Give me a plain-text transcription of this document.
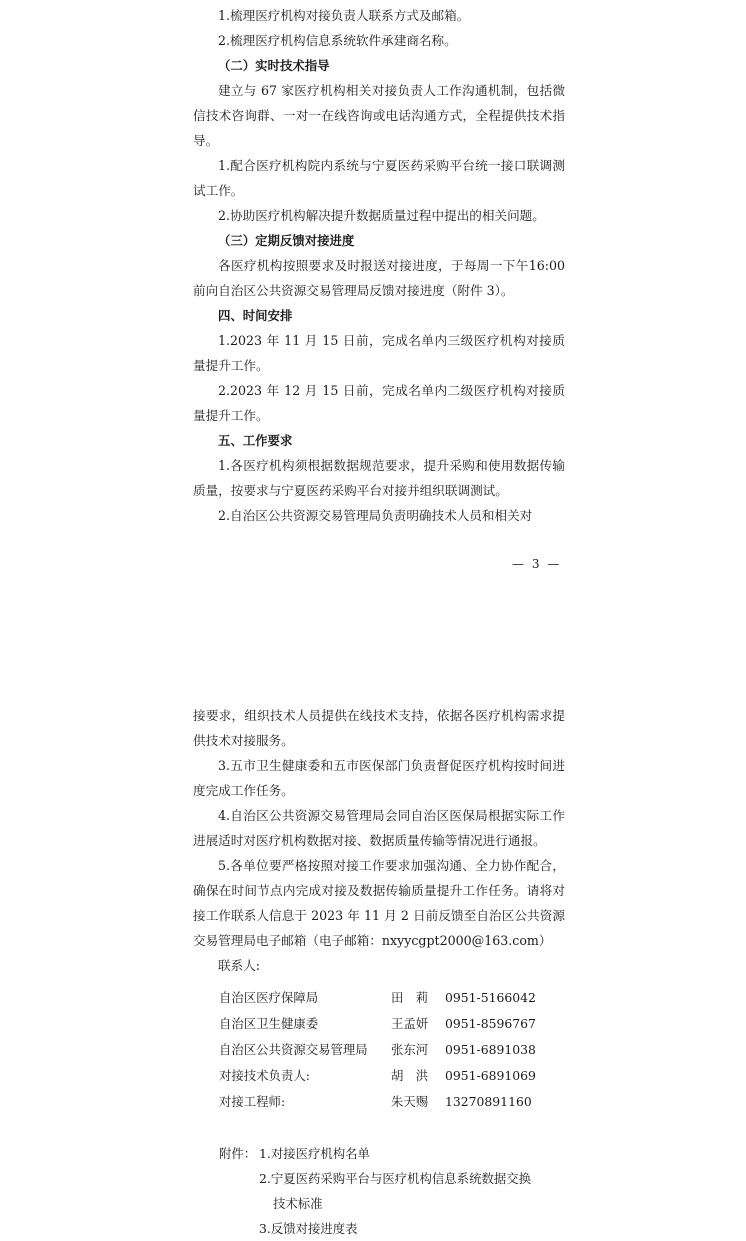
1.梳理医疗机构对接负责人联系方式及邮箱。

2.梳理医疗机构信息系统软件承建商名称。

（二）实时技术指导

建立与 67 家医疗机构相关对接负责人工作沟通机制，包括微信技术咨询群、一对一在线咨询或电话沟通方式，全程提供技术指导。

1.配合医疗机构院内系统与宁夏医药采购平台统一接口联调测试工作。

2.协助医疗机构解决提升数据质量过程中提出的相关问题。

（三）定期反馈对接进度

各医疗机构按照要求及时报送对接进度，于每周一下午16:00 前向自治区公共资源交易管理局反馈对接进度（附件 3）。

四、时间安排

1.2023 年 11 月 15 日前，完成名单内三级医疗机构对接质量提升工作。

2.2023 年 12 月 15 日前，完成名单内二级医疗机构对接质量提升工作。

五、工作要求

1.各医疗机构须根据数据规范要求，提升采购和使用数据传输质量，按要求与宁夏医药采购平台对接并组织联调测试。

2.自治区公共资源交易管理局负责明确技术人员和相关对

— 3 —

接要求，组织技术人员提供在线技术支持，依据各医疗机构需求提供技术对接服务。

3.五市卫生健康委和五市医保部门负责督促医疗机构按时间进度完成工作任务。

4.自治区公共资源交易管理局会同自治区医保局根据实际工作进展适时对医疗机构数据对接、数据质量传输等情况进行通报。

5.各单位要严格按照对接工作要求加强沟通、全力协作配合，确保在时间节点内完成对接及数据传输质量提升工作任务。请将对接工作联系人信息于 2023 年 11 月 2 日前反馈至自治区公共资源交易管理局电子邮箱（电子邮箱：nxyycgpt2000@163.com）

联系人:

自治区医疗保障局	田　莉 0951-5166042
自治区卫生健康委	王孟妍 0951-8596767
自治区公共资源交易管理局 张东河 0951-6891038
对接技术负责人:	胡　洪 0951-6891069
对接工程师:	朱天赐 13270891160
附件： 1.对接医疗机构名单
2.宁夏医药采购平台与医疗机构信息系统数据交换
技术标准
3.反馈对接进度表
